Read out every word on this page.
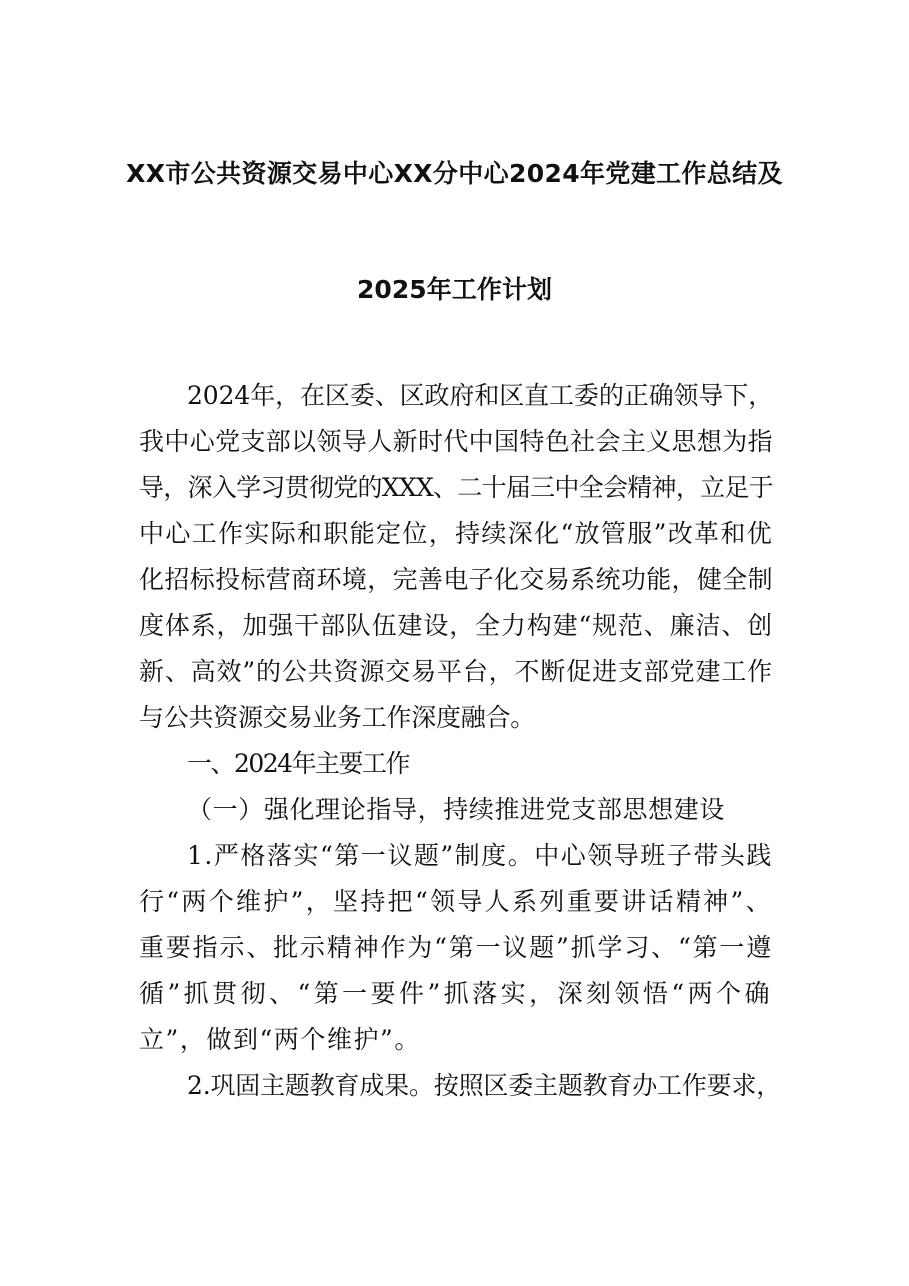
XX市公共资源交易中心XX分中心2024年党建工作总结及
2025年工作计划
2024年，在区委、区政府和区直工委的正确领导下，
我中心党支部以领导人新时代中国特色社会主义思想为指
导，深入学习贯彻党的XXX、二十届三中全会精神，立足于
中心工作实际和职能定位，持续深化“放管服”改革和优
化招标投标营商环境，完善电子化交易系统功能，健全制
度体系，加强干部队伍建设，全力构建“规范、廉洁、创
新、高效”的公共资源交易平台，不断促进支部党建工作
与公共资源交易业务工作深度融合。
一、2024年主要工作
（一）强化理论指导，持续推进党支部思想建设
1.严格落实“第一议题”制度。中心领导班子带头践
行“两个维护”，坚持把“领导人系列重要讲话精神”、
重要指示、批示精神作为“第一议题”抓学习、“第一遵
循”抓贯彻、“第一要件”抓落实，深刻领悟“两个确
立”，做到“两个维护”。
2.巩固主题教育成果。按照区委主题教育办工作要求，
